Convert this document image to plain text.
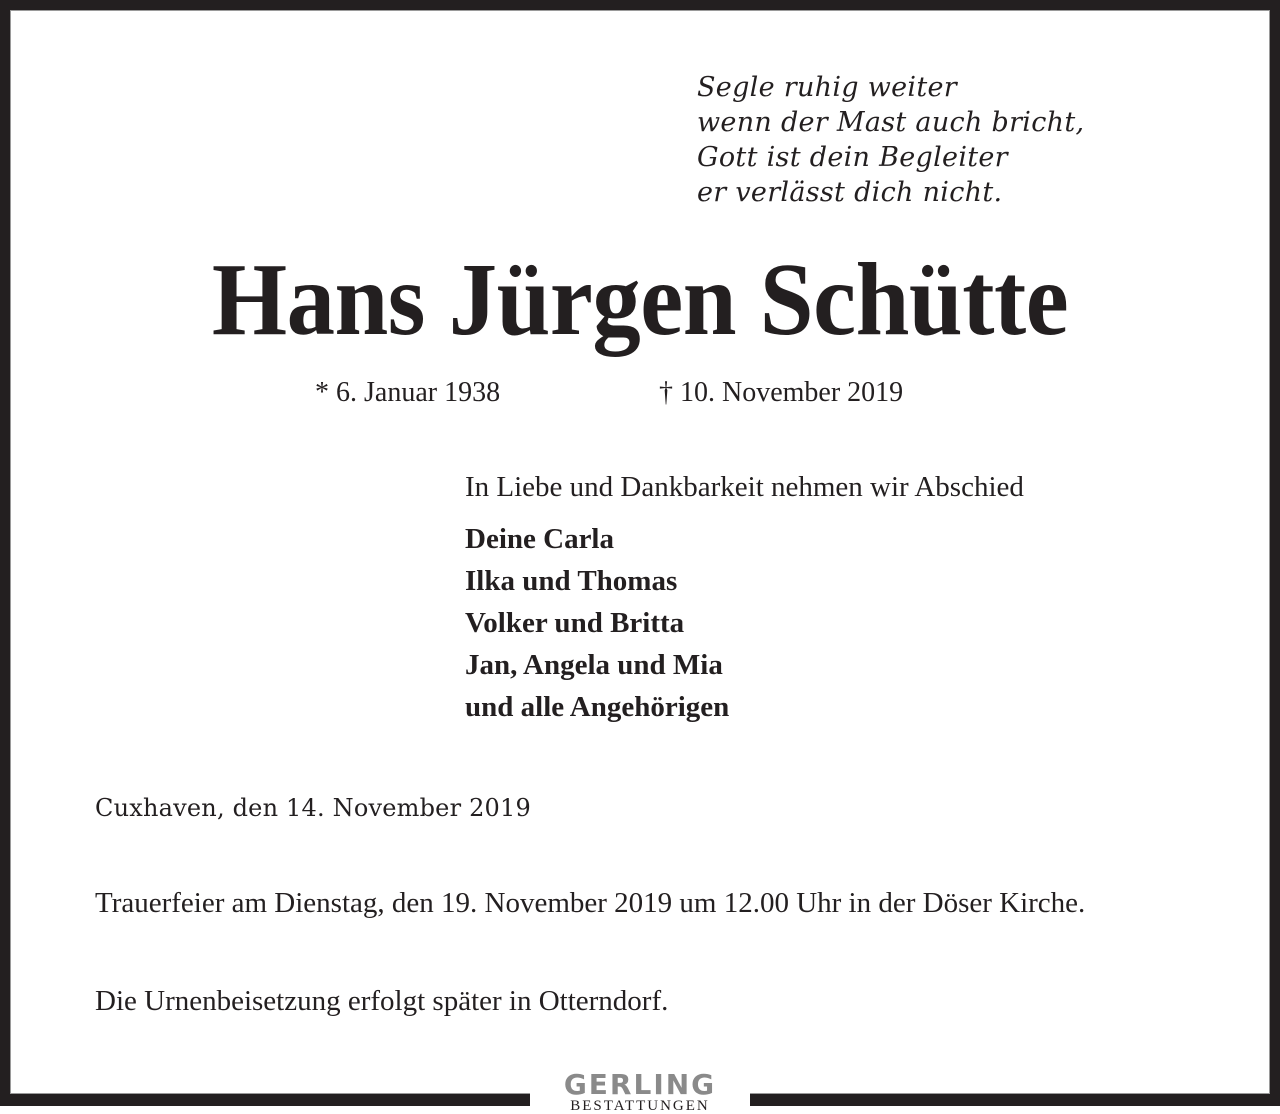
Segle ruhig weiter
wenn der Mast auch bricht,
Gott ist dein Begleiter
er verlässt dich nicht.
Hans Jürgen Schütte
* 6. Januar 1938	† 10. November 2019
In Liebe und Dankbarkeit nehmen wir Abschied
Deine Carla
Ilka und Thomas
Volker und Britta
Jan, Angela und Mia
und alle Angehörigen
Cuxhaven, den 14. November 2019
Trauerfeier am Dienstag, den 19. November 2019 um 12.00 Uhr in der Döser Kirche.
Die Urnenbeisetzung erfolgt später in Otterndorf.
GERLING
BESTATTUNGEN
